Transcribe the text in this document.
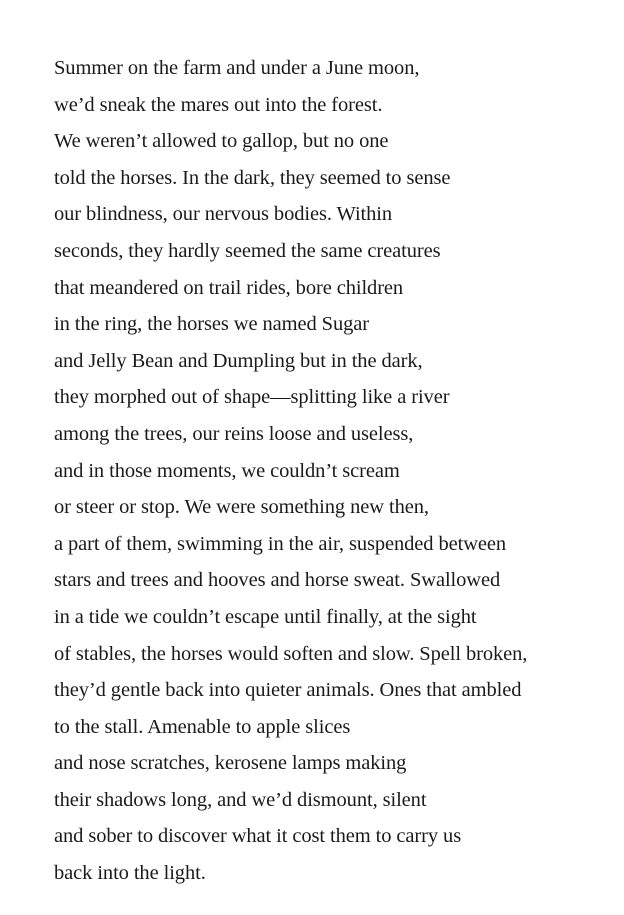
Summer on the farm and under a June moon,
we’d sneak the mares out into the forest.
We weren’t allowed to gallop, but no one
told the horses. In the dark, they seemed to sense
our blindness, our nervous bodies. Within
seconds, they hardly seemed the same creatures
that meandered on trail rides, bore children
in the ring, the horses we named Sugar
and Jelly Bean and Dumpling but in the dark,
they morphed out of shape—splitting like a river
among the trees, our reins loose and useless,
and in those moments, we couldn’t scream
or steer or stop. We were something new then,
a part of them, swimming in the air, suspended between
stars and trees and hooves and horse sweat. Swallowed
in a tide we couldn’t escape until finally, at the sight
of stables, the horses would soften and slow. Spell broken,
they’d gentle back into quieter animals. Ones that ambled
to the stall. Amenable to apple slices
and nose scratches, kerosene lamps making
their shadows long, and we’d dismount, silent
and sober to discover what it cost them to carry us
back into the light.
